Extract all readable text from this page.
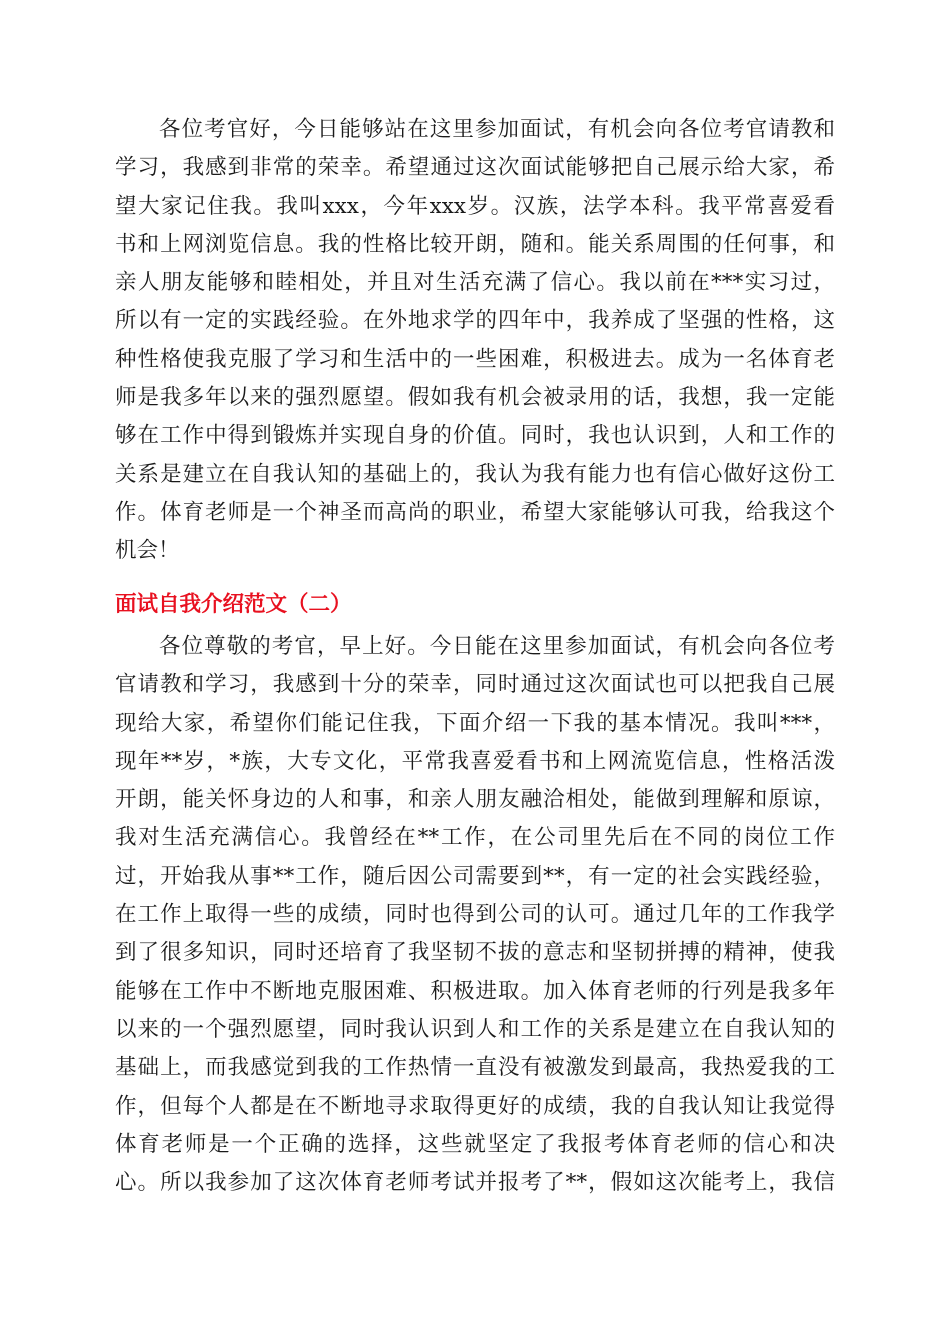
各位考官好，今日能够站在这里参加面试，有机会向各位考官请教和
学习，我感到非常的荣幸。希望通过这次面试能够把自己展示给大家，希
望大家记住我。我叫xxx，今年xxx岁。汉族，法学本科。我平常喜爱看
书和上网浏览信息。我的性格比较开朗，随和。能关系周围的任何事，和
亲人朋友能够和睦相处，并且对生活充满了信心。我以前在***实习过，
所以有一定的实践经验。在外地求学的四年中，我养成了坚强的性格，这
种性格使我克服了学习和生活中的一些困难，积极进去。成为一名体育老
师是我多年以来的强烈愿望。假如我有机会被录用的话，我想，我一定能
够在工作中得到锻炼并实现自身的价值。同时，我也认识到，人和工作的
关系是建立在自我认知的基础上的，我认为我有能力也有信心做好这份工
作。体育老师是一个神圣而高尚的职业，希望大家能够认可我，给我这个
机会！
面试自我介绍范文（二）
各位尊敬的考官，早上好。今日能在这里参加面试，有机会向各位考
官请教和学习，我感到十分的荣幸，同时通过这次面试也可以把我自己展
现给大家，希望你们能记住我，下面介绍一下我的基本情况。我叫***，
现年**岁，*族，大专文化，平常我喜爱看书和上网流览信息，性格活泼
开朗，能关怀身边的人和事，和亲人朋友融洽相处，能做到理解和原谅，
我对生活充满信心。我曾经在**工作，在公司里先后在不同的岗位工作
过，开始我从事**工作，随后因公司需要到**，有一定的社会实践经验，
在工作上取得一些的成绩，同时也得到公司的认可。通过几年的工作我学
到了很多知识，同时还培育了我坚韧不拔的意志和坚韧拼搏的精神，使我
能够在工作中不断地克服困难、积极进取。加入体育老师的行列是我多年
以来的一个强烈愿望，同时我认识到人和工作的关系是建立在自我认知的
基础上，而我感觉到我的工作热情一直没有被激发到最高，我热爱我的工
作，但每个人都是在不断地寻求取得更好的成绩，我的自我认知让我觉得
体育老师是一个正确的选择，这些就坚定了我报考体育老师的信心和决
心。所以我参加了这次体育老师考试并报考了**，假如这次能考上，我信
